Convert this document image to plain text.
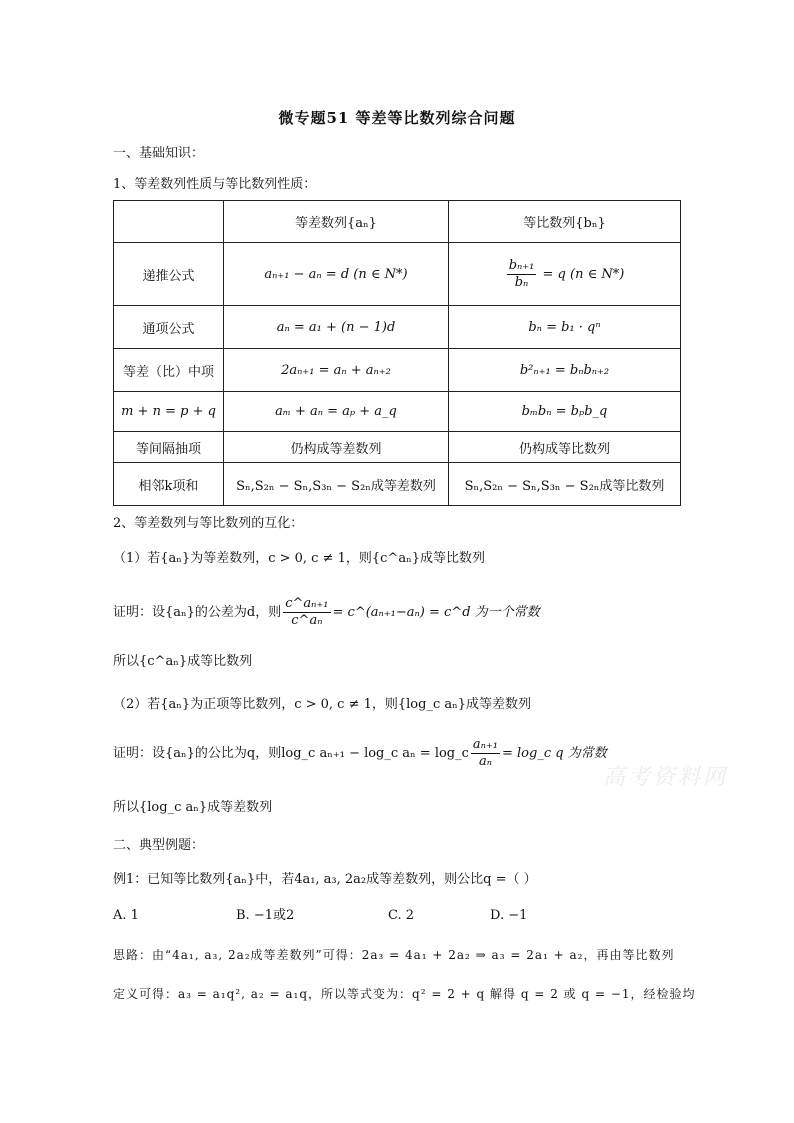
微专题51 等差等比数列综合问题
一、基础知识：
1、等差数列性质与等比数列性质：
	等差数列{aₙ}	等比数列{bₙ}
递推公式	aₙ₊₁ − aₙ = d (n ∈ N*)	$\frac{\text{bₙ₊₁}}{\text{bₙ}} = q$ (n ∈ N*)
通项公式	aₙ = a₁ + (n − 1)d	bₙ = b₁ · qⁿ
等差（比）中项	2aₙ₊₁ = aₙ + aₙ₊₂	b²ₙ₊₁ = bₙbₙ₊₂
m + n = p + q	aₘ + aₙ = aₚ + a_q	bₘbₙ = bₚb_q
等间隔抽项	仍构成等差数列	仍构成等比数列
相邻k项和	Sₙ,S₂ₙ − Sₙ,S₃ₙ − S₂ₙ成等差数列	Sₙ,S₂ₙ − Sₙ,S₃ₙ − S₂ₙ成等比数列
2、等差数列与等比数列的互化：
（1）若{aₙ}为等差数列，c > 0, c ≠ 1，则{c^aₙ}成等比数列
证明：设{aₙ}的公差为d，则 $\frac{\text{c\textasciicircum{}aₙ₊₁}}{\text{c\textasciicircum{}aₙ}}$ = c^(aₙ₊₁−aₙ) = c^d 为一个常数
所以{c^aₙ}成等比数列
（2）若{aₙ}为正项等比数列，c > 0, c ≠ 1，则{log_c aₙ}成等差数列
证明：设{aₙ}的公比为q，则log_c aₙ₊₁ − log_c aₙ = log_c $\frac{\text{aₙ₊₁}}{\text{aₙ}}$ = log_c q 为常数
高考资料网
所以{log_c aₙ}成等差数列
二、典型例题：
例1：已知等比数列{aₙ}中，若4a₁, a₃, 2a₂成等差数列，则公比q =（ ）
A. 1	B. −1或2	C. 2	D. −1
思路：由“4a₁, a₃, 2a₂成等差数列”可得：2a₃ = 4a₁ + 2a₂ ⇒ a₃ = 2a₁ + a₂，再由等比数列
定义可得：a₃ = a₁q², a₂ = a₁q，所以等式变为：q² = 2 + q 解得 q = 2 或 q = −1，经检验均
